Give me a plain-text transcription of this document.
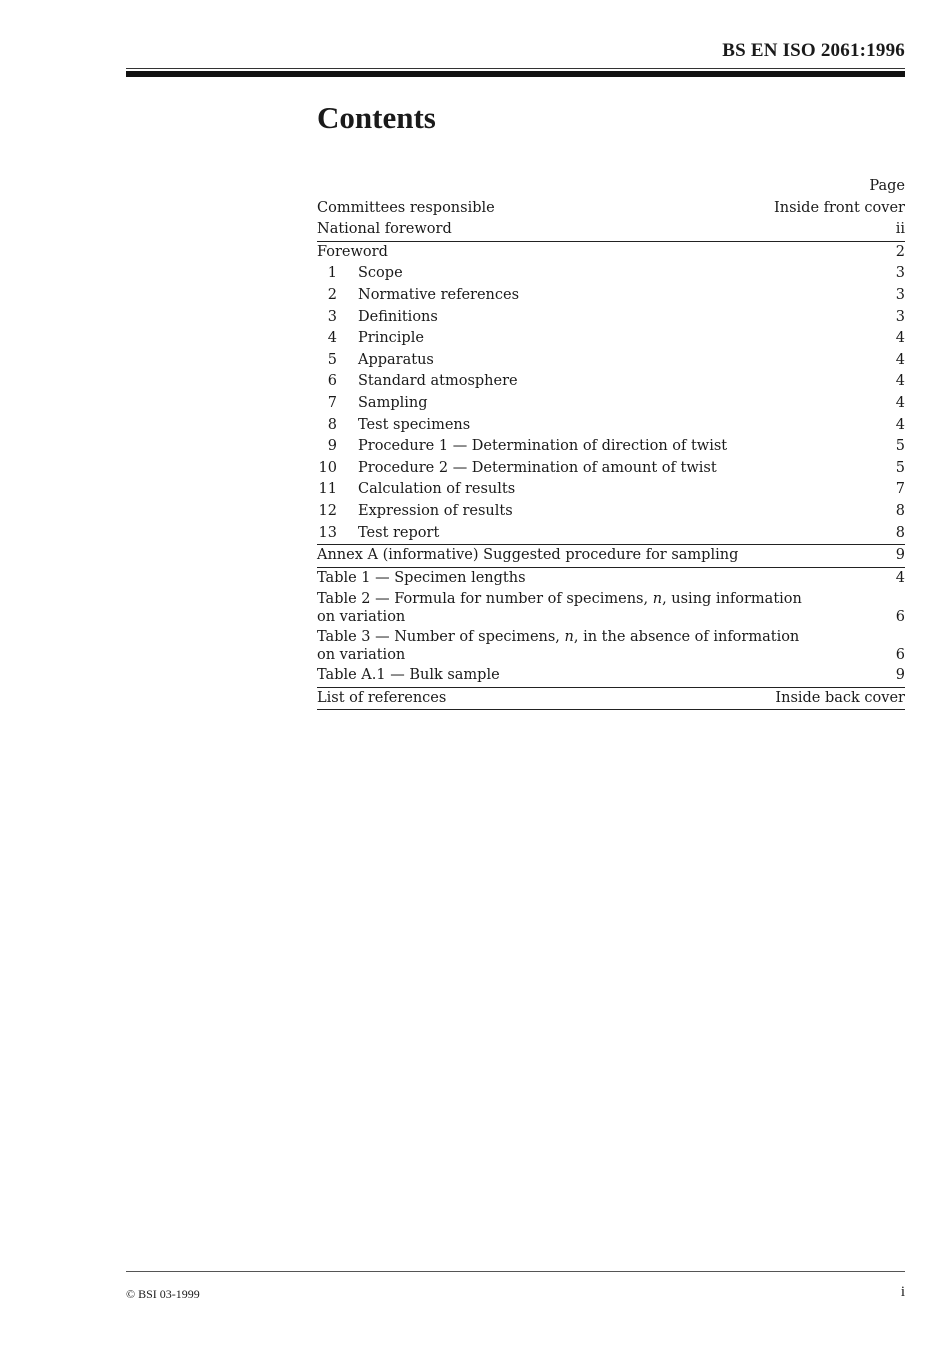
BS EN ISO 2061:1996
Contents
Page
Committees responsible	Inside front cover
National foreword	ii
Foreword	2
1 Scope	3
2 Normative references	3
3 Definitions	3
4 Principle	4
5 Apparatus	4
6 Standard atmosphere	4
7 Sampling	4
8 Test specimens	4
9 Procedure 1 — Determination of direction of twist	5
10 Procedure 2 — Determination of amount of twist	5
11 Calculation of results	7
12 Expression of results	8
13 Test report	8
Annex A (informative) Suggested procedure for sampling	9
Table 1 — Specimen lengths	4
Table 2 — Formula for number of specimens, n, using information on variation	6
Table 3 — Number of specimens, n, in the absence of information on variation	6
Table A.1 — Bulk sample	9
List of references	Inside back cover
© BSI 03-1999	i
